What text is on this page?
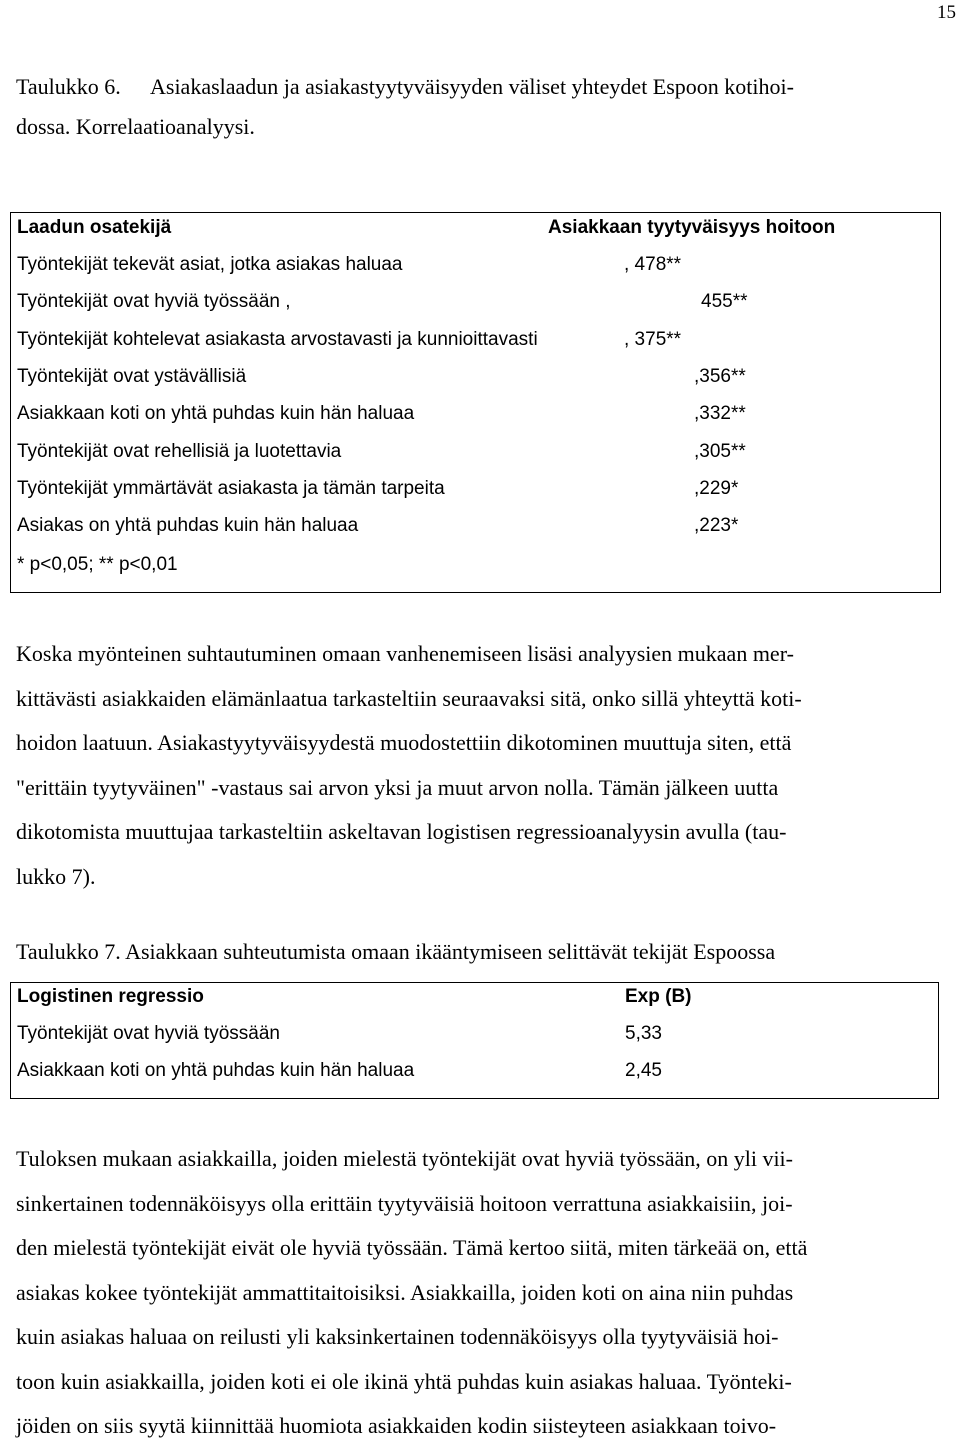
15
Taulukko 6. Asiakaslaadun ja asiakastyytyväisyyden väliset yhteydet Espoon kotihoi-
dossa. Korrelaatioanalyysi.
Laadun osatekijä	Asiakkaan tyytyväisyys hoitoon
Työntekijät tekevät asiat, jotka asiakas haluaa	, 478**
Työntekijät ovat hyviä työssään ,	455**
Työntekijät kohtelevat asiakasta arvostavasti ja kunnioittavasti	, 375**
Työntekijät ovat ystävällisiä	,356**
Asiakkaan koti on yhtä puhdas kuin hän haluaa	,332**
Työntekijät ovat rehellisiä ja luotettavia	,305**
Työntekijät ymmärtävät asiakasta ja tämän tarpeita	,229*
Asiakas on yhtä puhdas kuin hän haluaa	,223*
* p<0,05; ** p<0,01
Koska myönteinen suhtautuminen omaan vanhenemiseen lisäsi analyysien mukaan mer-
kittävästi asiakkaiden elämänlaatua tarkasteltiin seuraavaksi sitä, onko sillä yhteyttä koti-
hoidon laatuun. Asiakastyytyväisyydestä muodostettiin dikotominen muuttuja siten, että
"erittäin tyytyväinen" -vastaus sai arvon yksi ja muut arvon nolla. Tämän jälkeen uutta
dikotomista muuttujaa tarkasteltiin askeltavan logistisen regressioanalyysin avulla (tau-
lukko 7).
Taulukko 7. Asiakkaan suhteutumista omaan ikääntymiseen selittävät tekijät Espoossa
Logistinen regressio	Exp (B)
Työntekijät ovat hyviä työssään	5,33
Asiakkaan koti on yhtä puhdas kuin hän haluaa	2,45
Tuloksen mukaan asiakkailla, joiden mielestä työntekijät ovat hyviä työssään, on yli vii-
sinkertainen todennäköisyys olla erittäin tyytyväisiä hoitoon verrattuna asiakkaisiin, joi-
den mielestä työntekijät eivät ole hyviä työssään. Tämä kertoo siitä, miten tärkeää on, että
asiakas kokee työntekijät ammattitaitoisiksi. Asiakkailla, joiden koti on aina niin puhdas
kuin asiakas haluaa on reilusti yli kaksinkertainen todennäköisyys olla tyytyväisiä hoi-
toon kuin asiakkailla, joiden koti ei ole ikinä yhtä puhdas kuin asiakas haluaa. Työnteki-
jöiden on siis syytä kiinnittää huomiota asiakkaiden kodin siisteyteen asiakkaan toivo-
